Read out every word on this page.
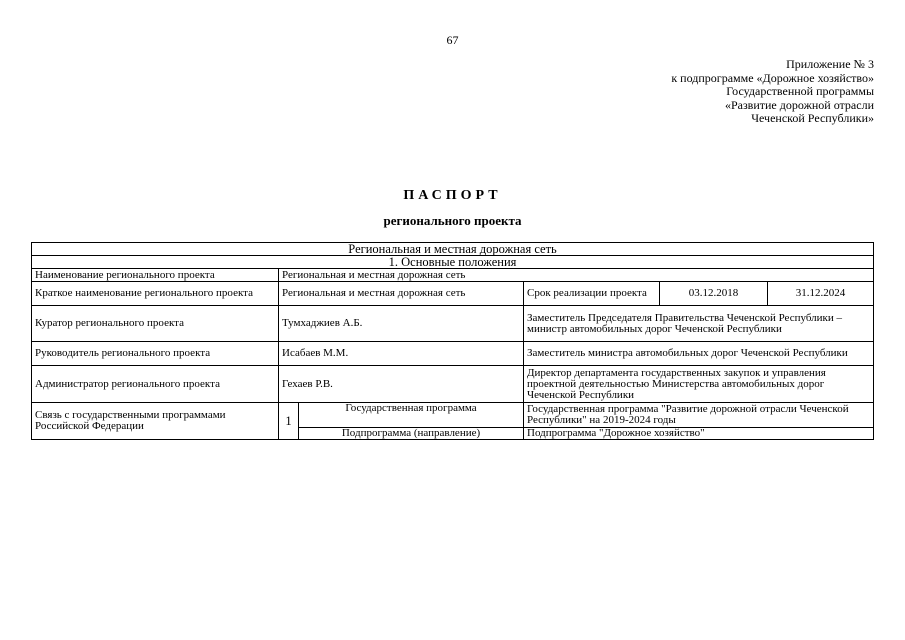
67
Приложение № 3
к подпрограмме «Дорожное хозяйство»
Государственной программы
«Развитие дорожной отрасли
Чеченской Республики»
ПАСПОРТ
регионального проекта
Региональная и местная дорожная сеть					
1. Основные положения					
Наименование регионального проекта	Региональная и местная дорожная сеть				
Краткое наименование регионального проекта	Региональная и местная дорожная сеть		Срок реализации проекта	03.12.2018	31.12.2024
Куратор регионального проекта	Тумхаджиев А.Б.		Заместитель Председателя Правительства Чеченской Республики – министр автомобильных дорог Чеченской Республики		
Руководитель регионального проекта	Исабаев М.М.		Заместитель министра автомобильных дорог Чеченской Республики		
Администратор регионального проекта	Гехаев Р.В.		Директор департамента государственных закупок и управления проектной деятельностью Министерства автомобильных дорог Чеченской Республики		
Связь с государственными программами Российской Федерации	1	Государственная программа	Государственная программа "Развитие дорожной отрасли Чеченской Республики" на 2019-2024 годы		
		Подпрограмма (направление)	Подпрограмма "Дорожное хозяйство"		
